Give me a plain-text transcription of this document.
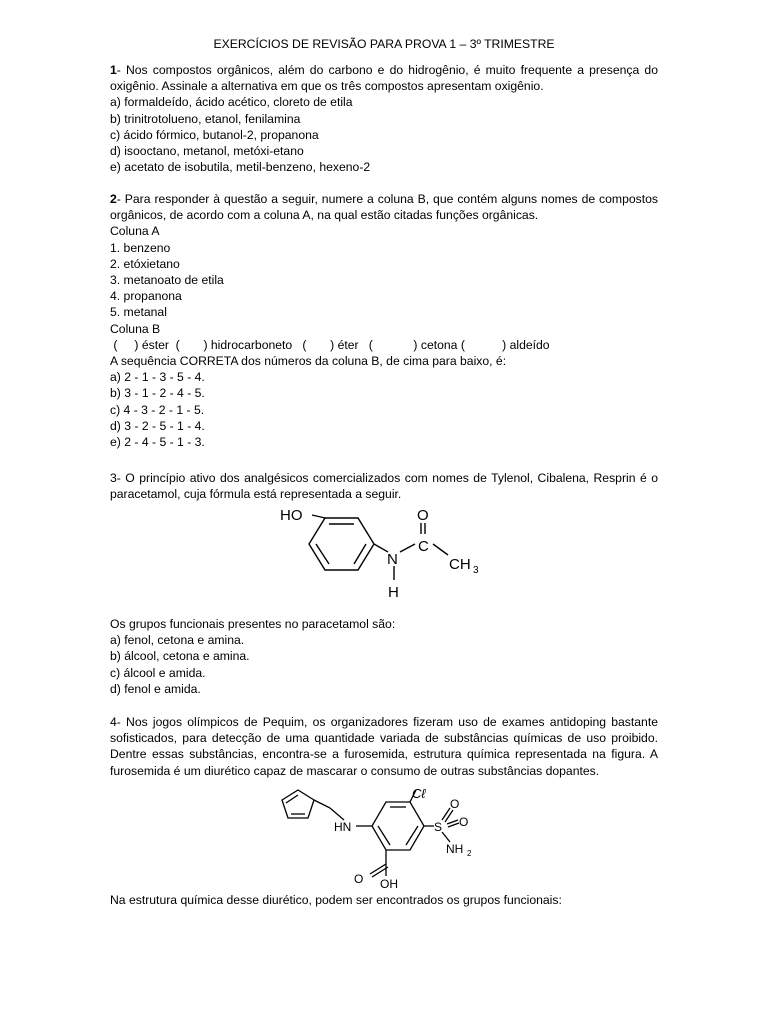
EXERCÍCIOS DE REVISÃO PARA PROVA 1 – 3º TRIMESTRE
1- Nos compostos orgânicos, além do carbono e do hidrogênio, é muito frequente a presença do oxigênio. Assinale a alternativa em que os três compostos apresentam oxigênio.
a) formaldeído, ácido acético, cloreto de etila
b) trinitrotolueno, etanol, fenilamina
c) ácido fórmico, butanol-2, propanona
d) isooctano, metanol, metóxi-etano
e) acetato de isobutila, metil-benzeno, hexeno-2
2- Para responder à questão a seguir, numere a coluna B, que contém alguns nomes de compostos orgânicos, de acordo com a coluna A, na qual estão citadas funções orgânicas.
Coluna A
1. benzeno
2. etóxietano
3. metanoato de etila
4. propanona
5. metanal
Coluna B
(     ) éster  (       ) hidrocarboneto   (       ) éter   (            ) cetona (           ) aldeído
A sequência CORRETA dos números da coluna B, de cima para baixo, é:
a) 2 - 1 - 3 - 5 - 4.
b) 3 - 1 - 2 - 4 - 5.
c) 4 - 3 - 2 - 1 - 5.
d) 3 - 2 - 5 - 1 - 4.
e) 2 - 4 - 5 - 1 - 3.
3- O princípio ativo dos analgésicos comercializados com nomes de Tylenol, Cibalena, Resprin é o paracetamol, cuja fórmula está representada a seguir.
HO	O
N
C
CH 3
H
Os grupos funcionais presentes no paracetamol são:
a) fenol, cetona e amina.
b) álcool, cetona e amina.
c) álcool e amida.
d) fenol e amida.
4- Nos jogos olímpicos de Pequim, os organizadores fizeram uso de exames antidoping bastante sofisticados, para detecção de uma quantidade variada de substâncias químicas de uso proibido. Dentre essas substâncias, encontra-se a furosemida, estrutura química representada na figura. A furosemida é um diurético capaz de mascarar o consumo de outras substâncias dopantes.
Cℓ
HN	S
O
O
NH 2
O OH
Na estrutura química desse diurético, podem ser encontrados os grupos funcionais:
